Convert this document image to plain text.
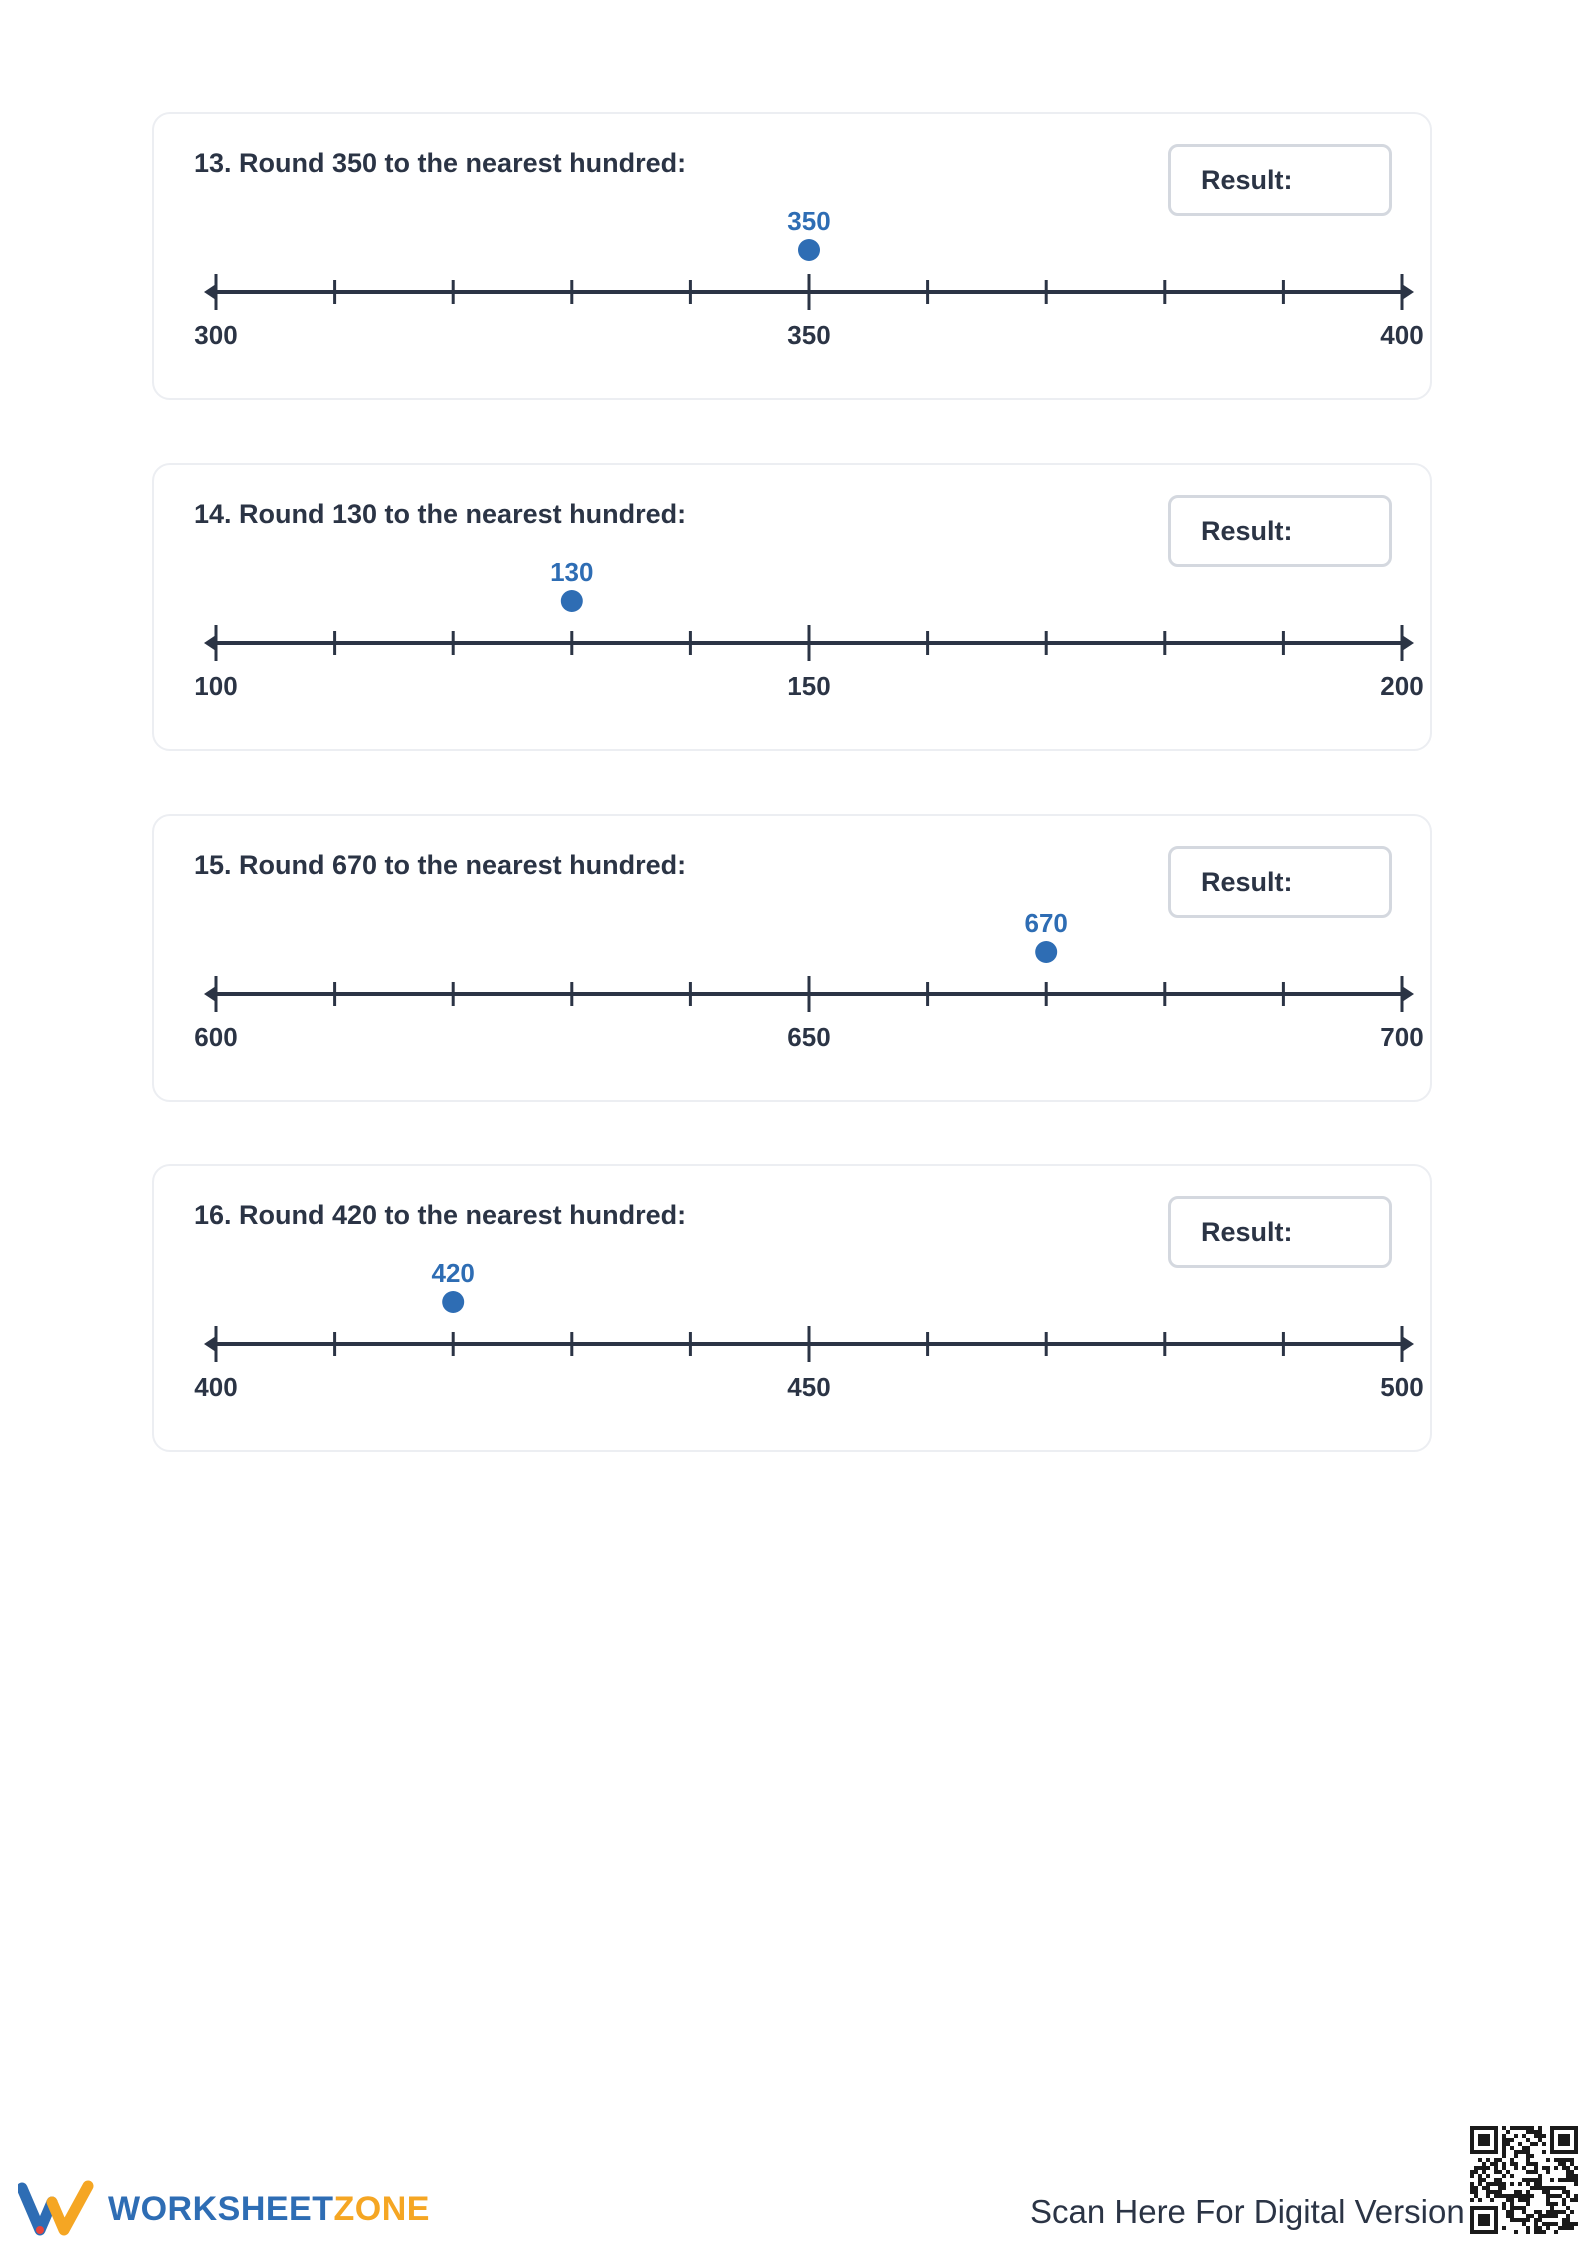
13. Round 350 to the nearest hundred:
Result:
300	350	400
350
14. Round 130 to the nearest hundred:
Result:
100	150	200
130
15. Round 670 to the nearest hundred:
Result:
600	650	700
670
16. Round 420 to the nearest hundred:
Result:
400	450	500
420
WORKSHEETZONE	Scan Here For Digital Version
